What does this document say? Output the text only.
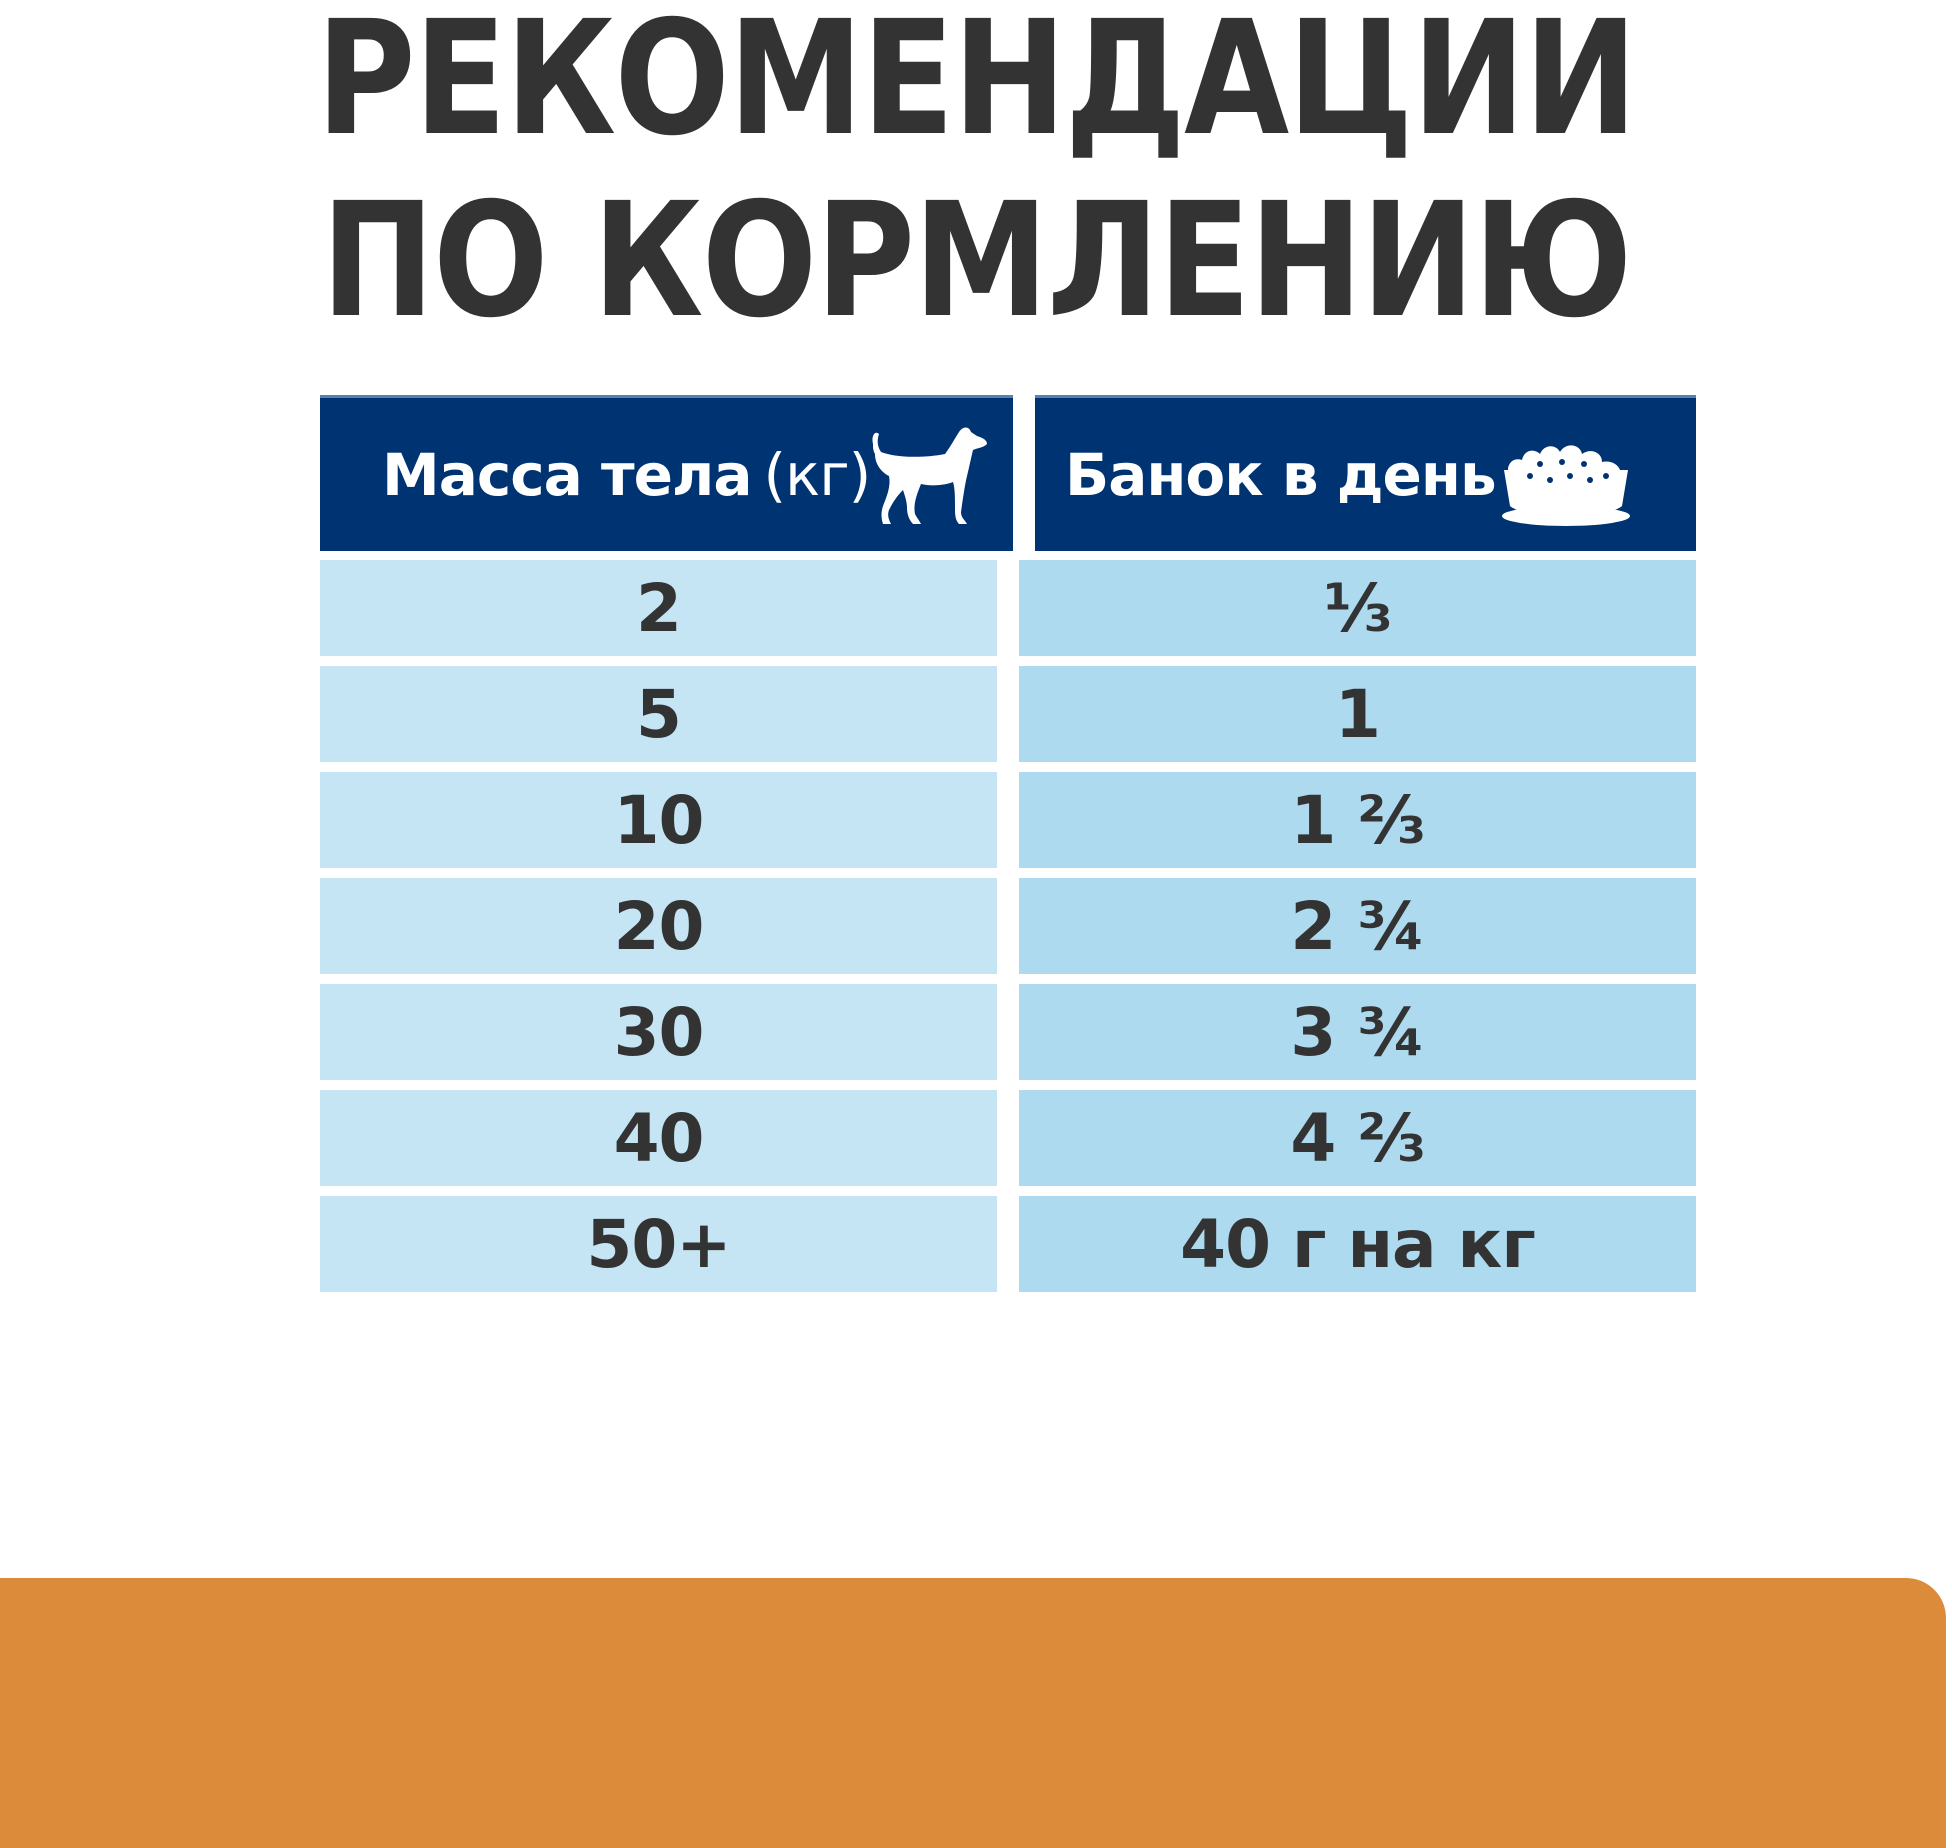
РЕКОМЕНДАЦИИ
ПО КОРМЛЕНИЮ
Масса тела (кг)	Банок в день
2	⅓
5	1
10	1 ⅔
20	2 ¾
30	3 ¾
40	4 ⅔
50+	40 г на кг
